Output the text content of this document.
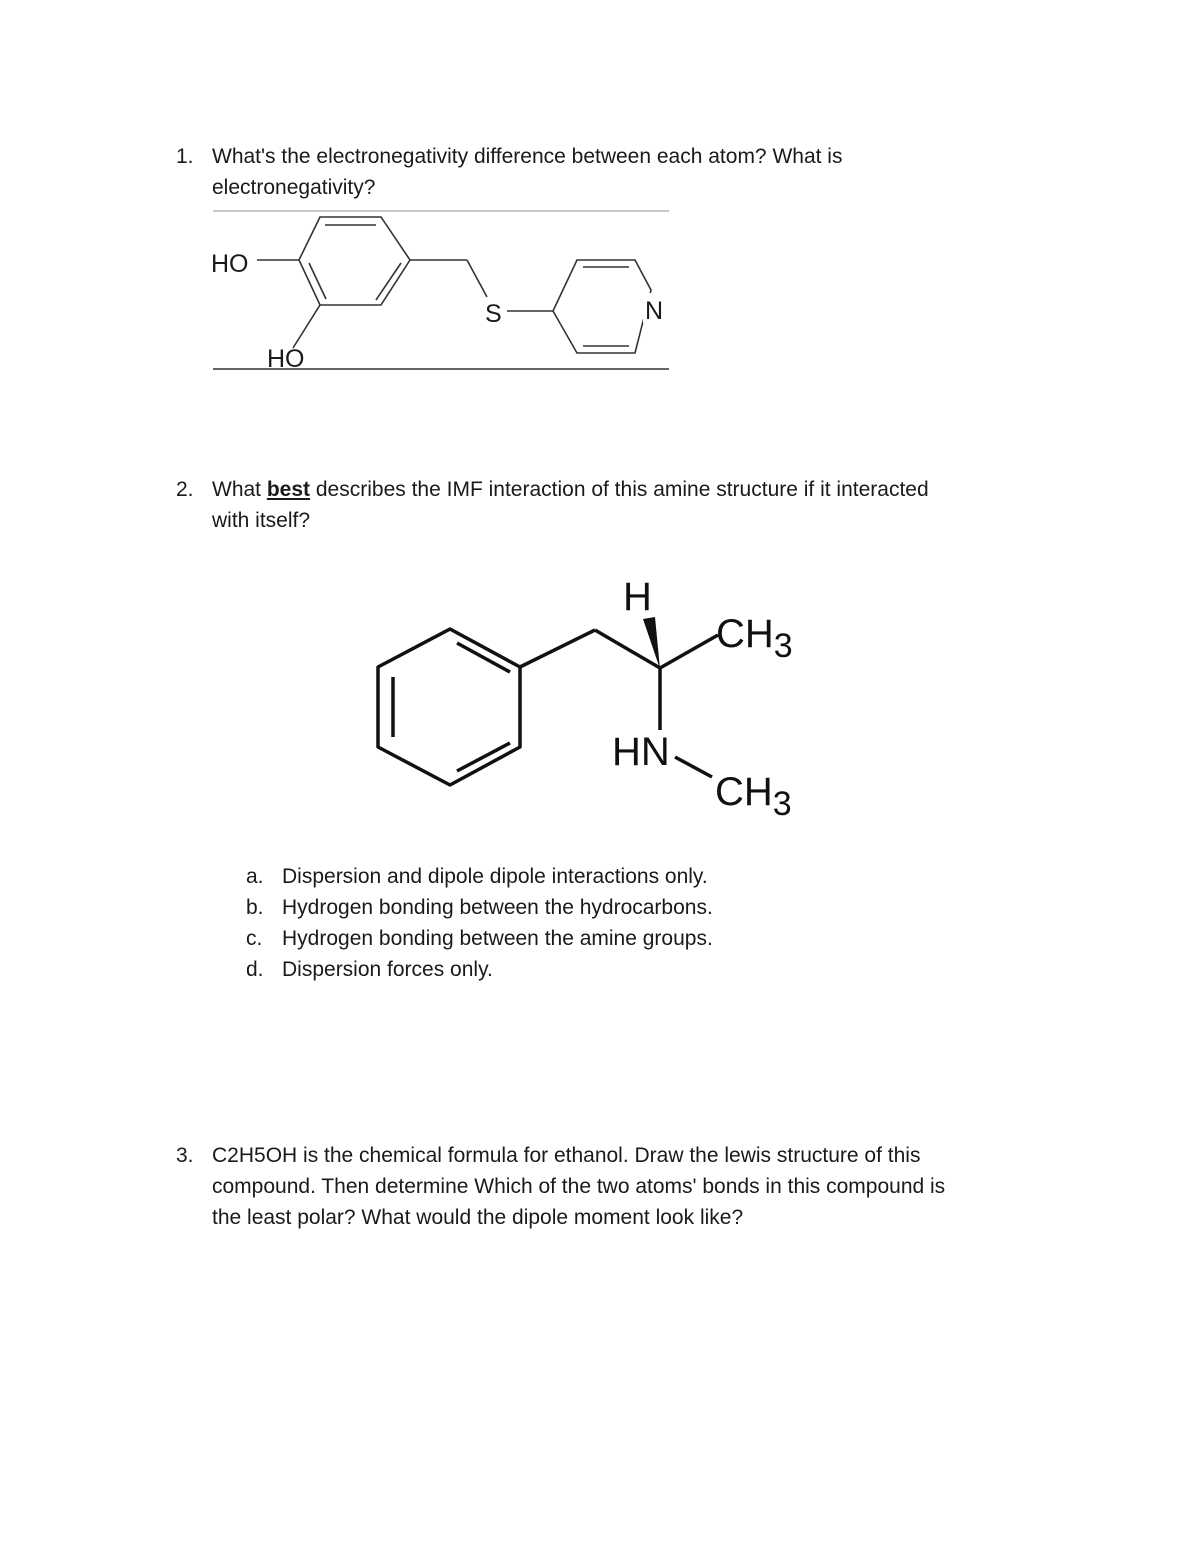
1. What's the electronegativity difference between each atom? What is
electronegativity?
HO
HO
S	N
2. What best describes the IMF interaction of this amine structure if it interacted
with itself?
H
$CH_3$
HN
$CH_3$
a. Dispersion and dipole dipole interactions only.
b. Hydrogen bonding between the hydrocarbons.
c. Hydrogen bonding between the amine groups.
d. Dispersion forces only.
3. C2H5OH is the chemical formula for ethanol. Draw the lewis structure of this
compound. Then determine Which of the two atoms' bonds in this compound is
the least polar? What would the dipole moment look like?
